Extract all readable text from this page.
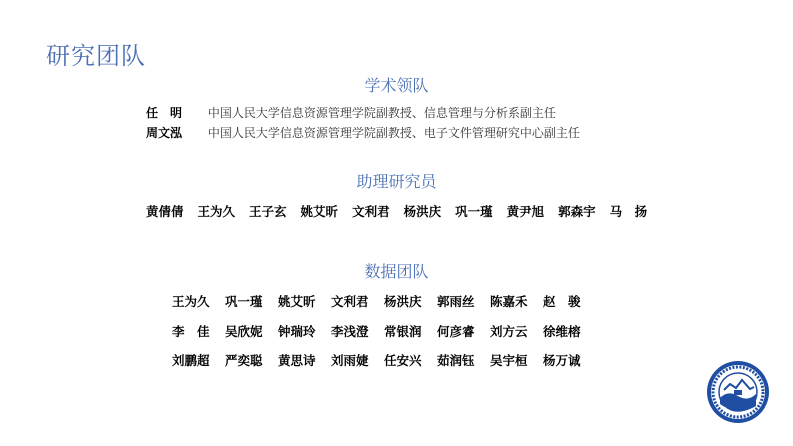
研究团队
学术领队
任　明 中国人民大学信息资源管理学院副教授、信息管理与分析系副主任
周文泓 中国人民大学信息资源管理学院副教授、电子文件管理研究中心副主任
助理研究员
黄倩倩 王为久 王子玄 姚艾昕 文利君 杨洪庆 巩一瑾 黄尹旭 郭森宇 马　扬
数据团队
王为久	巩一瑾	姚艾昕	文利君	杨洪庆	郭雨丝	陈嘉禾	赵　骏
李　佳	吴欣妮	钟瑞玲	李浅澄	常银润	何彦睿	刘方云	徐维榕
刘鹏超	严奕聪	黄思诗	刘雨婕	任安兴	茹润钰	吴宇桓	杨万诚
